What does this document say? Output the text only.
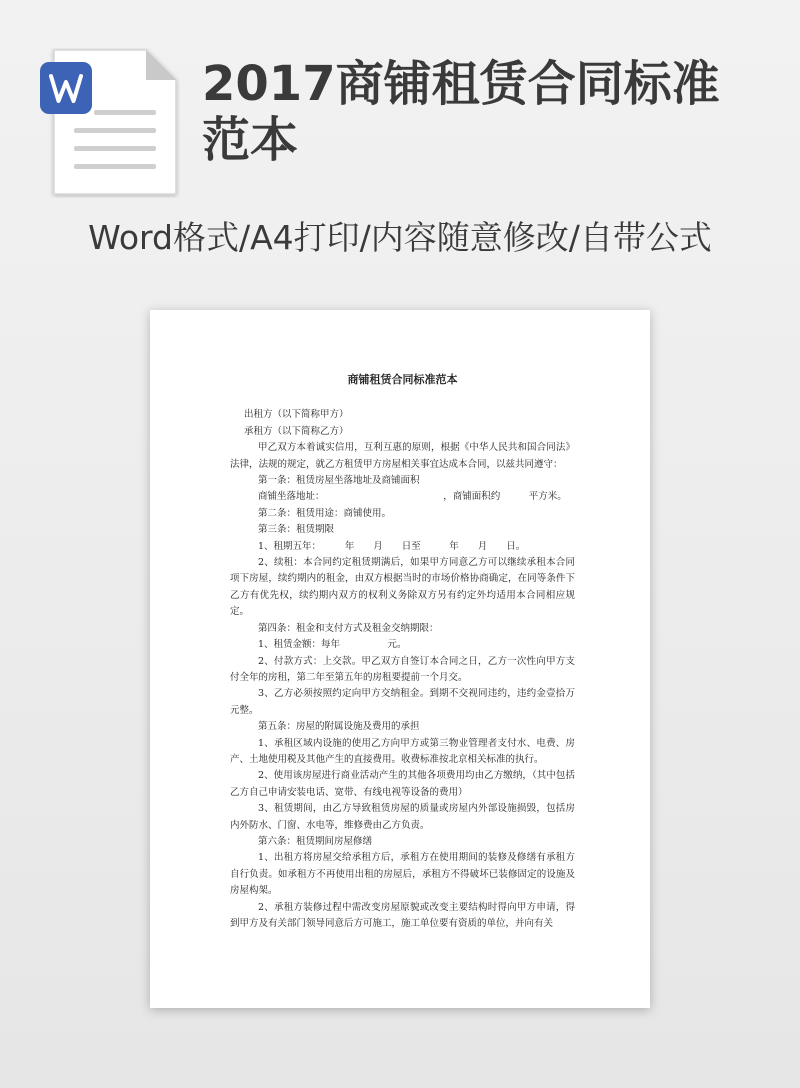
2017商铺租赁合同标准范本
Word格式/A4打印/内容随意修改/自带公式
商铺租赁合同标准范本

出租方（以下简称甲方）

承租方（以下简称乙方）

甲乙双方本着诚实信用，互利互惠的原则，根据《中华人民共和国合同法》法律，法规的规定，就乙方租赁甲方房屋相关事宜达成本合同，以兹共同遵守：

第一条：租赁房屋坐落地址及商铺面积

商铺坐落地址：　　　　　　　　　　　　　，商铺面积约　　　平方米。

第二条：租赁用途：商铺使用。

第三条：租赁期限

1、租期五年：　　　年　　月　　日至　　　年　　月　　日。

2、续租：本合同约定租赁期满后，如果甲方同意乙方可以继续承租本合同项下房屋，续约期内的租金，由双方根据当时的市场价格协商确定，在同等条件下乙方有优先权，续约期内双方的权利义务除双方另有约定外均适用本合同相应规定。

第四条：租金和支付方式及租金交纳期限：

1、租赁金额：每年　　　　　元。

2、付款方式：上交款。甲乙双方自签订本合同之日，乙方一次性向甲方支付全年的房租，第二年至第五年的房租要提前一个月交。

3、乙方必须按照约定向甲方交纳租金。到期不交视同违约，违约金壹拾万元整。

第五条：房屋的附属设施及费用的承担

1、承租区域内设施的使用乙方向甲方或第三物业管理者支付水、电费、房产、土地使用税及其他产生的直接费用。收费标准按北京相关标准的执行。

2、使用该房屋进行商业活动产生的其他各项费用均由乙方缴纳，（其中包括乙方自己申请安装电话、宽带、有线电视等设备的费用）

3、租赁期间，由乙方导致租赁房屋的质量或房屋内外部设施损毁，包括房内外防水、门窗、水电等，维修费由乙方负责。

第六条：租赁期间房屋修缮

1、出租方将房屋交给承租方后，承租方在使用期间的装修及修缮有承租方自行负责。如承租方不再使用出租的房屋后，承租方不得破坏已装修固定的设施及房屋构架。

2、承租方装修过程中需改变房屋原貌或改变主要结构时得向甲方申请，得到甲方及有关部门领导同意后方可施工，施工单位要有资质的单位，并向有关
